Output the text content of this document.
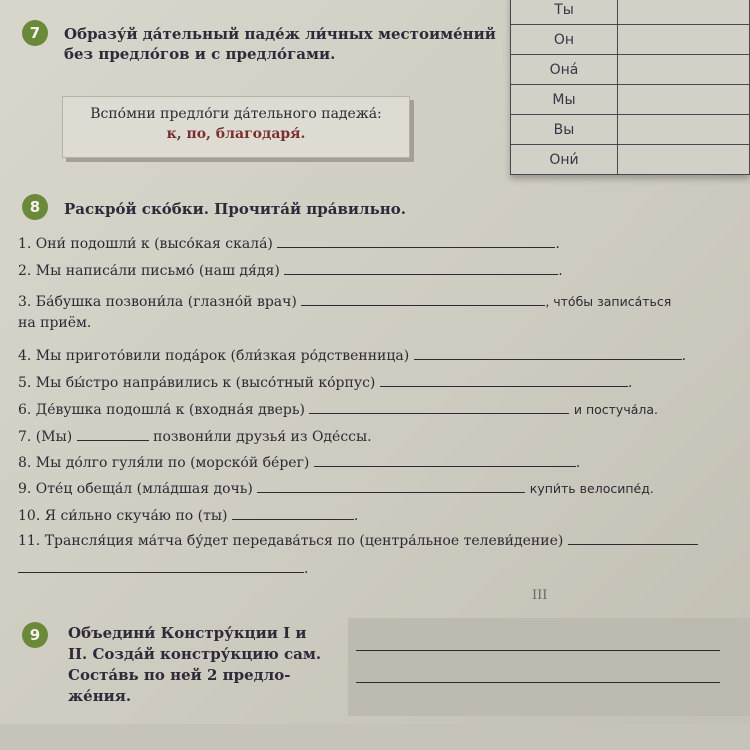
7	Образу́й да́тельный паде́ж ли́чных местоиме́ний
без предло́гов и с предло́гами.
Вспо́мни предло́ги да́тельного падежа́:
к, по, благодаря́.
Ты	
Он	
Она́	
Мы	
Вы	
Они́	
8	Раскро́й ско́бки. Прочита́й пра́вильно.
1. Они́ подошли́ к (высо́кая скала́)	.
2. Мы написа́ли письмо́ (наш дя́дя)	.
3. Ба́бушка позвони́ла (глазно́й врач)	, что́бы записа́ться
на приём.
4. Мы пригото́вили пода́рок (бли́зкая ро́дственница)	.
5. Мы бы́стро напра́вились к (высо́тный ко́рпус)	.
6. Де́вушка подошла́ к (входна́я дверь)	и постуча́ла.
7. (Мы)	позвони́ли друзья́ из Оде́ссы.
8. Мы до́лго гуля́ли по (морско́й бе́рег)	.
9. Оте́ц обеща́л (мла́дшая дочь)	купи́ть велосипе́д.
10. Я си́льно скуча́ю по (ты)	.
11. Трансля́ция ма́тча бу́дет передава́ться по (центра́льное телеви́дение)
.
III
9	Объедини́ Констру́кции I и
II. Созда́й констру́кцию сам.
Соста́вь по ней 2 предло-
же́ния.
